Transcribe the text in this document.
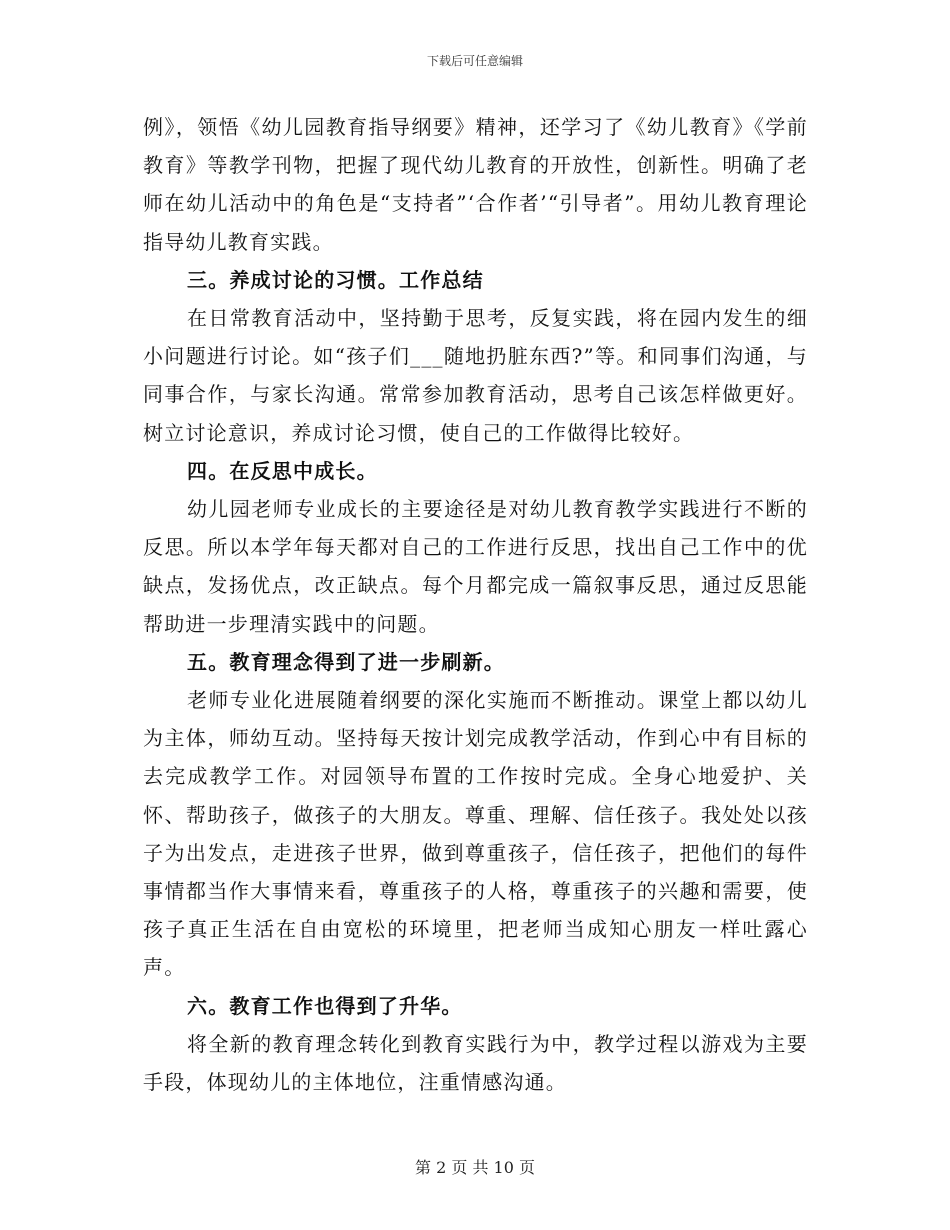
下载后可任意编辑

例》，领悟《幼儿园教育指导纲要》精神，还学习了《幼儿教育》《学前教育》等教学刊物，把握了现代幼儿教育的开放性，创新性。明确了老师在幼儿活动中的角色是“支持者”‘合作者’“引导者”。用幼儿教育理论指导幼儿教育实践。

三。养成讨论的习惯。工作总结

在日常教育活动中，坚持勤于思考，反复实践，将在园内发生的细小问题进行讨论。如“孩子们___随地扔脏东西?”等。和同事们沟通，与同事合作，与家长沟通。常常参加教育活动，思考自己该怎样做更好。树立讨论意识，养成讨论习惯，使自己的工作做得比较好。

四。在反思中成长。

幼儿园老师专业成长的主要途径是对幼儿教育教学实践进行不断的反思。所以本学年每天都对自己的工作进行反思，找出自己工作中的优缺点，发扬优点，改正缺点。每个月都完成一篇叙事反思，通过反思能帮助进一步理清实践中的问题。

五。教育理念得到了进一步刷新。

老师专业化进展随着纲要的深化实施而不断推动。课堂上都以幼儿为主体，师幼互动。坚持每天按计划完成教学活动，作到心中有目标的去完成教学工作。对园领导布置的工作按时完成。全身心地爱护、关怀、帮助孩子，做孩子的大朋友。尊重、理解、信任孩子。我处处以孩子为出发点，走进孩子世界，做到尊重孩子，信任孩子，把他们的每件事情都当作大事情来看，尊重孩子的人格，尊重孩子的兴趣和需要，使孩子真正生活在自由宽松的环境里，把老师当成知心朋友一样吐露心声。

六。教育工作也得到了升华。

将全新的教育理念转化到教育实践行为中，教学过程以游戏为主要手段，体现幼儿的主体地位，注重情感沟通。

第 2 页 共 10 页
